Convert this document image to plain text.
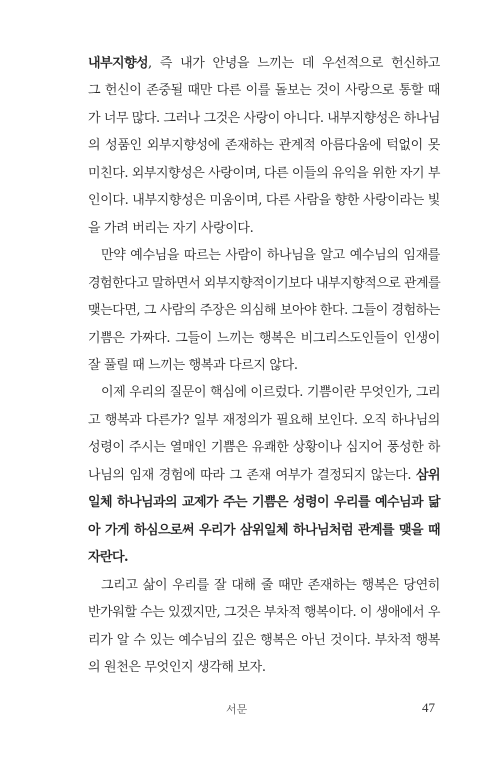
내부지향성, 즉 내가 안녕을 느끼는 데 우선적으로 헌신하고
그 헌신이 존중될 때만 다른 이를 돌보는 것이 사랑으로 통할 때
가 너무 많다. 그러나 그것은 사랑이 아니다. 내부지향성은 하나님
의 성품인 외부지향성에 존재하는 관계적 아름다움에 턱없이 못
미친다. 외부지향성은 사랑이며, 다른 이들의 유익을 위한 자기 부
인이다. 내부지향성은 미움이며, 다른 사람을 향한 사랑이라는 빛
을 가려 버리는 자기 사랑이다.
만약 예수님을 따르는 사람이 하나님을 알고 예수님의 임재를
경험한다고 말하면서 외부지향적이기보다 내부지향적으로 관계를
맺는다면, 그 사람의 주장은 의심해 보아야 한다. 그들이 경험하는
기쁨은 가짜다. 그들이 느끼는 행복은 비그리스도인들이 인생이
잘 풀릴 때 느끼는 행복과 다르지 않다.
이제 우리의 질문이 핵심에 이르렀다. 기쁨이란 무엇인가, 그리
고 행복과 다른가? 일부 재정의가 필요해 보인다. 오직 하나님의
성령이 주시는 열매인 기쁨은 유쾌한 상황이나 심지어 풍성한 하
나님의 임재 경험에 따라 그 존재 여부가 결정되지 않는다. 삼위
일체 하나님과의 교제가 주는 기쁨은 성령이 우리를 예수님과 닮
아 가게 하심으로써 우리가 삼위일체 하나님처럼 관계를 맺을 때
자란다.
그리고 삶이 우리를 잘 대해 줄 때만 존재하는 행복은 당연히
반가워할 수는 있겠지만, 그것은 부차적 행복이다. 이 생애에서 우
리가 알 수 있는 예수님의 깊은 행복은 아닌 것이다. 부차적 행복
의 원천은 무엇인지 생각해 보자.
서문	47
